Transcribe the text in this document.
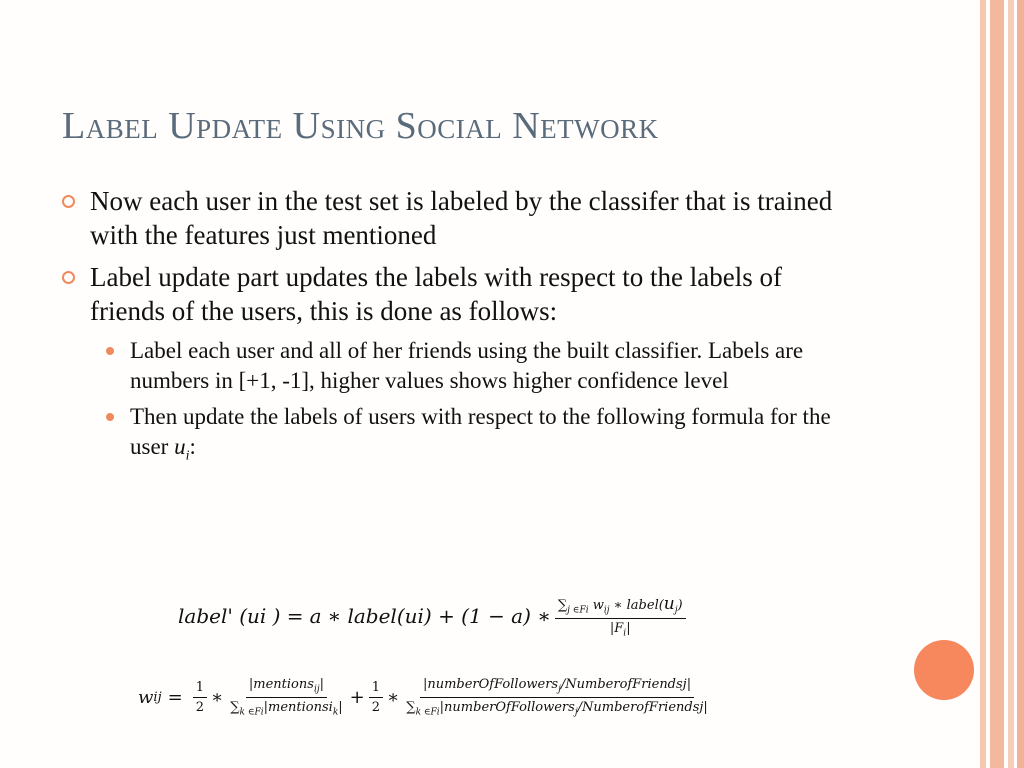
Label Update Using Social Network
Now each user in the test set is labeled by the classifer that is trained with the features just mentioned
Label update part updates the labels with respect to the labels of friends of the users, this is done as follows:
Label each user and all of her friends using the built classifier. Labels are numbers in [+1, -1], higher values shows higher confidence level
Then update the labels of users with respect to the following formula for the user $u_i$:
label' (ui ) = a ∗ label(ui) + (1 − a) ∗ $\frac{\sum_{j \in Fi} w_{ij} ∗ label(u_j)}{|F_i|}$
w ij = $\frac{1}{2}$ ∗ $\frac{|mentions_{ij}|}{\sum_{k \in Fi}|mentionsi_k|} + \frac{1}{2}$ ∗ $\frac{|numberOfFollowers_j/NumberofFriendsj|}{\sum_{k \in Fi}|numberOfFollowers_j/NumberofFriendsj|}$
